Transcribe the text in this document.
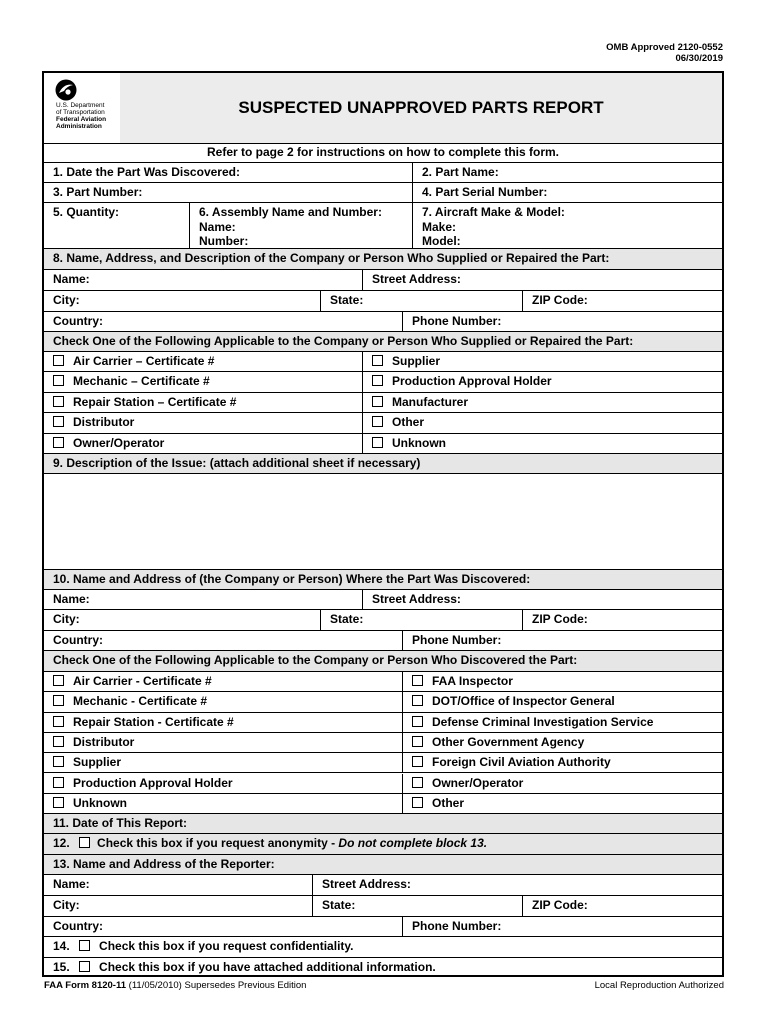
OMB Approved 2120-0552
06/30/2019
U.S. Department
of Transportation
Federal Aviation
Administration
SUSPECTED UNAPPROVED PARTS REPORT
Refer to page 2 for instructions on how to complete this form.
1. Date the Part Was Discovered:	2. Part Name:
3. Part Number:	4. Part Serial Number:
5. Quantity:	6. Assembly Name and Number:
Name:
Number:
7. Aircraft Make & Model:
Make:
Model:
8. Name, Address, and Description of the Company or Person Who Supplied or Repaired the Part:
Name:	Street Address:
City:	State:	ZIP Code:
Country:	Phone Number:
Check One of the Following Applicable to the Company or Person Who Supplied or Repaired the Part:
Air Carrier – Certificate #	Supplier
Mechanic – Certificate #	Production Approval Holder
Repair Station – Certificate #	Manufacturer
Distributor	Other
Owner/Operator	Unknown
9. Description of the Issue: (attach additional sheet if necessary)
10. Name and Address of (the Company or Person) Where the Part Was Discovered:
Name:	Street Address:
City:	State:	ZIP Code:
Country:	Phone Number:
Check One of the Following Applicable to the Company or Person Who Discovered the Part:
Air Carrier - Certificate #	FAA Inspector
Mechanic - Certificate #	DOT/Office of Inspector General
Repair Station - Certificate #	Defense Criminal Investigation Service
Distributor	Other Government Agency
Supplier	Foreign Civil Aviation Authority
Production Approval Holder	Owner/Operator
Unknown	Other
11. Date of This Report:
12. Check this box if you request anonymity - Do not complete block 13.
13. Name and Address of the Reporter:
Name:	Street Address:
City:	State:	ZIP Code:
Country:	Phone Number:
14. Check this box if you request confidentiality.
15. Check this box if you have attached additional information.
FAA Form 8120-11 (11/05/2010) Supersedes Previous Edition	Local Reproduction Authorized
